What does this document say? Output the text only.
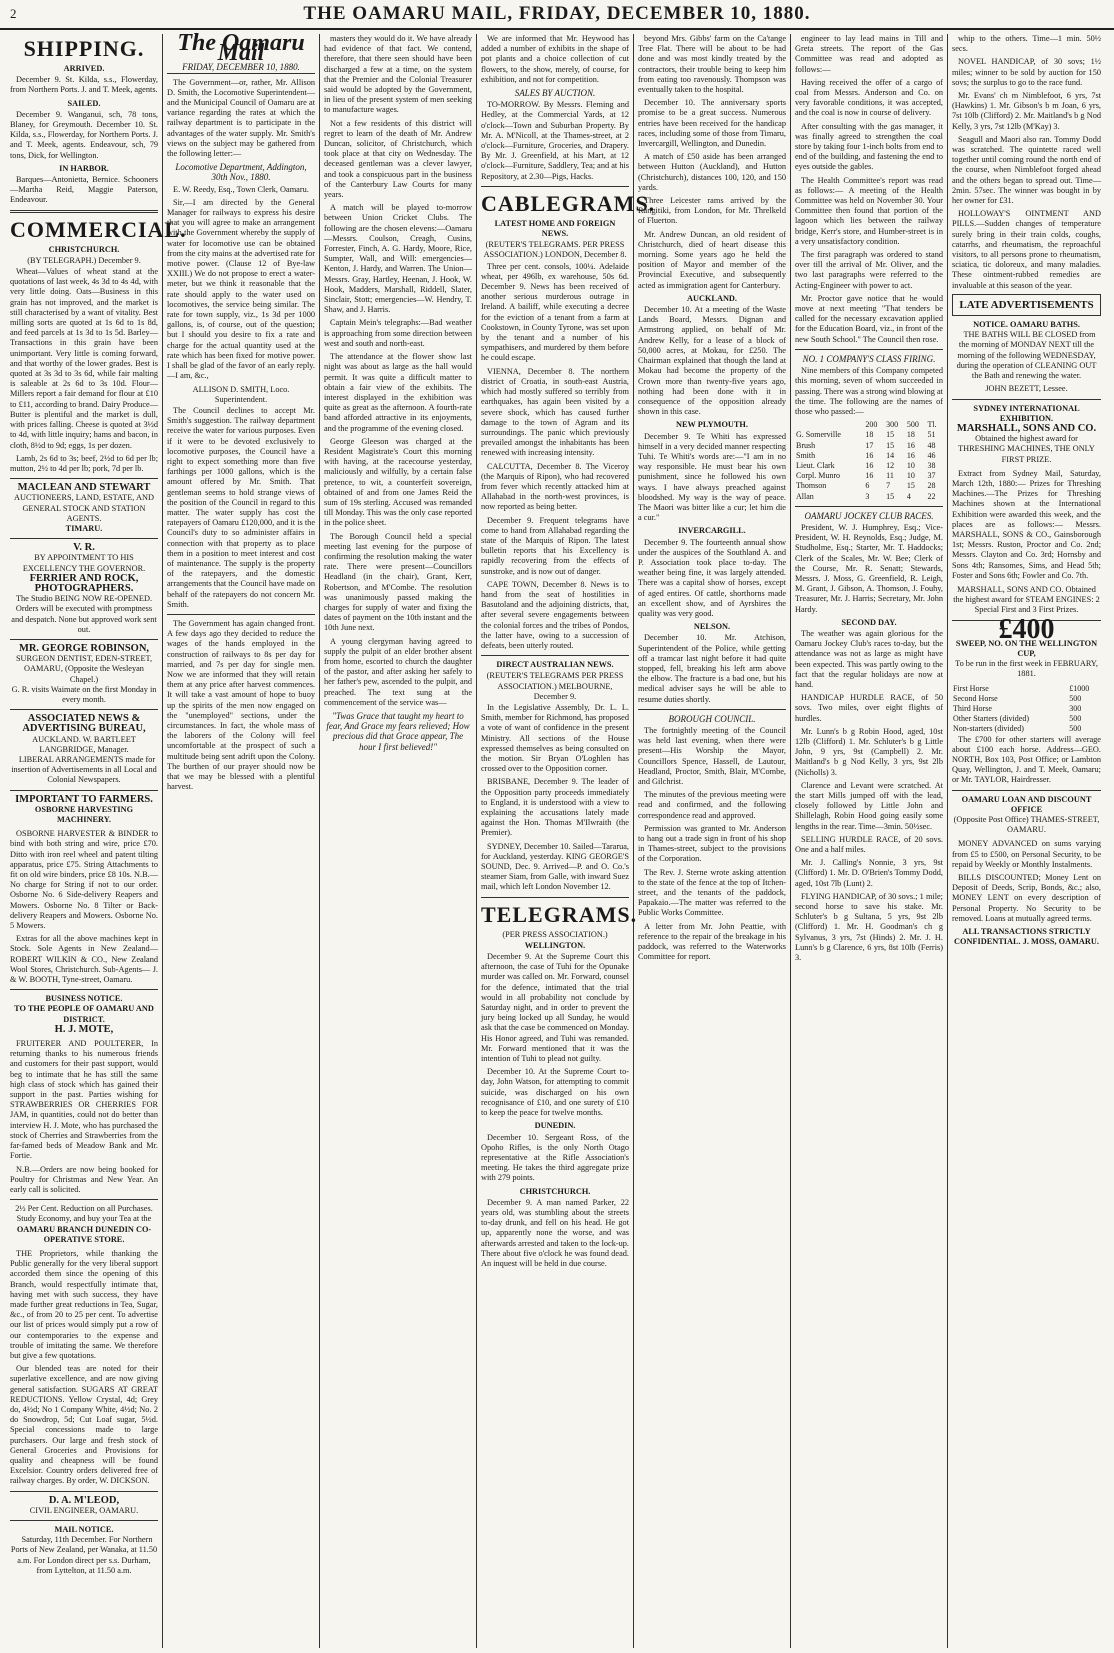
2	THE OAMARU MAIL, FRIDAY, DECEMBER 10, 1880.
SHIPPING.
ARRIVED.

December 9. St. Kilda, s.s., Flowerday, from Northern Ports. J. and T. Meek, agents.

SAILED.

December 9. Wanganui, sch, 78 tons, Blaney, for Greymouth. December 10. St. Kilda, s.s., Flowerday, for Northern Ports. J. and T. Meek, agents. Endeavour, sch, 79 tons, Dick, for Wellington.

IN HARBOR.

Barques—Antonietta, Bernice. Schooners—Martha Reid, Maggie Paterson, Endeavour.

COMMERCIAL.
CHRISTCHURCH.
(BY TELEGRAPH.) December 9.

Wheat—Values of wheat stand at the quotations of last week, 4s 3d to 4s 4d, with very little doing. Oats—Business in this grain has not improved, and the market is still characterised by a want of vitality. Best milling sorts are quoted at 1s 6d to 1s 8d, and feed parcels at 1s 3d to 1s 5d. Barley—Transactions in this grain have been unimportant. Very little is coming forward, and that worthy of the lower grades. Best is quoted at 3s 3d to 3s 6d, while fair malting is saleable at 2s 6d to 3s 10d. Flour—Millers report a fair demand for flour at £10 to £11, according to brand. Dairy Produce—Butter is plentiful and the market is dull, with prices falling. Cheese is quoted at 3½d to 4d, with little inquiry; hams and bacon, in cloth, 8½d to 9d; eggs, 1s per dozen.

Lamb, 2s 6d to 3s; beef, 2½d to 6d per lb; mutton, 2½ to 4d per lb; pork, 7d per lb.

MACLEAN AND STEWART
AUCTIONEERS, LAND, ESTATE, AND GENERAL STOCK AND STATION AGENTS.
TIMARU.
V. R.
BY APPOINTMENT TO HIS EXCELLENCY THE GOVERNOR.
FERRIER AND ROCK, PHOTOGRAPHERS.
The Studio BEING NOW RE-OPENED. Orders will be executed with promptness and despatch. None but approved work sent out.
MR. GEORGE ROBINSON,
SURGEON DENTIST, EDEN-STREET, OAMARU, (Opposite the Wesleyan Chapel.)
G. R. visits Waimate on the first Monday in every month.
ASSOCIATED NEWS & ADVERTISING BUREAU,
AUCKLAND. W. BARTLEET LANGBRIDGE, Manager.

LIBERAL ARRANGEMENTS made for insertion of Advertisements in all Local and Colonial Newspapers.

IMPORTANT TO FARMERS.
OSBORNE HARVESTING MACHINERY.

OSBORNE HARVESTER & BINDER to bind with both string and wire, price £70. Ditto with iron reel wheel and patent tilting apparatus, price £75. String Attachments to fit on old wire binders, price £8 10s. N.B.—No charge for String if not to our order. Osborne No. 6 Side-delivery Reapers and Mowers. Osborne No. 8 Tilter or Back-delivery Reapers and Mowers. Osborne No. 5 Mowers.

Extras for all the above machines kept in Stock. Sole Agents in New Zealand— ROBERT WILKIN & CO., New Zealand Wool Stores, Christchurch. Sub-Agents— J. & W. BOOTH, Tyne-street, Oamaru.

BUSINESS NOTICE.
TO THE PEOPLE OF OAMARU AND DISTRICT.
H. J. MOTE,

FRUITERER AND POULTERER, In returning thanks to his numerous friends and customers for their past support, would beg to intimate that he has still the same high class of stock which has gained their support in the past. Parties wishing for STRAWBERRIES OR CHERRIES FOR JAM, in quantities, could not do better than interview H. J. Mote, who has purchased the stock of Cherries and Strawberries from the far-famed beds of Meadow Bank and Mr. Fortie.

N.B.—Orders are now being booked for Poultry for Christmas and New Year. An early call is solicited.

2½ Per Cent. Reduction on all Purchases. Study Economy, and buy your Tea at the
OAMARU BRANCH DUNEDIN CO-OPERATIVE STORE.

THE Proprietors, while thanking the Public generally for the very liberal support accorded them since the opening of this Branch, would respectfully intimate that, having met with such success, they have made further great reductions in Tea, Sugar, &c., of from 20 to 25 per cent. To advertise our list of prices would simply put a row of our contemporaries to the expense and trouble of imitating the same. We therefore but give a few quotations.

Our blended teas are noted for their superlative excellence, and are now giving general satisfaction. SUGARS AT GREAT REDUCTIONS. Yellow Crystal, 4d; Grey do, 4½d; No 1 Company White, 4½d; No. 2 do Snowdrop, 5d; Cut Loaf sugar, 5½d. Special concessions made to large purchasers. Our large and fresh stock of General Groceries and Provisions for quality and cheapness will be found Excelsior. Country orders delivered free of railway charges. By order, W. DICKSON.

D. A. M'LEOD,
CIVIL ENGINEER, OAMARU.
MAIL NOTICE.

Saturday, 11th December. For Northern Ports of New Zealand, per Wanaka, at 11.50 a.m. For London direct per s.s. Durham, from Lyttelton, at 11.50 a.m.

The Oamaru Mail
FRIDAY, DECEMBER 10, 1880.

The Government—or, rather, Mr. Allison D. Smith, the Locomotive Superintendent—and the Municipal Council of Oamaru are at variance regarding the rates at which the railway department is to participate in the advantages of the water supply. Mr. Smith's views on the subject may be gathered from the following letter:—

Locomotive Department, Addington, 30th Nov., 1880.

E. W. Reedy, Esq., Town Clerk, Oamaru.

Sir,—I am directed by the General Manager for railways to express his desire that you will agree to make an arrangement with the Government whereby the supply of water for locomotive use can be obtained from the city mains at the advertised rate for motive power. (Clause 12 of Bye-law XXIII.) We do not propose to erect a water-meter, but we think it reasonable that the rate should apply to the water used on locomotives, the service being similar. The rate for town supply, viz., 1s 3d per 1000 gallons, is, of course, out of the question; but I should you desire to fix a rate and charge for the actual quantity used at the rate which has been fixed for motive power. I shall be glad of the favor of an early reply.—I am, &c.,

ALLISON D. SMITH, Loco. Superintendent.

The Council declines to accept Mr. Smith's suggestion. The railway department receive the water for various purposes. Even if it were to be devoted exclusively to locomotive purposes, the Council have a right to expect something more than five farthings per 1000 gallons, which is the amount offered by Mr. Smith. That gentleman seems to hold strange views of the position of the Council in regard to this matter. The water supply has cost the ratepayers of Oamaru £120,000, and it is the Council's duty to so administer affairs in connection with that property as to place them in a position to meet interest and cost of maintenance. The supply is the property of the ratepayers, and the domestic arrangements that the Council have made on behalf of the ratepayers do not concern Mr. Smith.

The Government has again changed front. A few days ago they decided to reduce the wages of the hands employed in the construction of railways to 8s per day for married, and 7s per day for single men. Now we are informed that they will retain them at any price after harvest commences. It will take a vast amount of hope to buoy up the spirits of the men now engaged on the "unemployed" sections, under the circumstances. In fact, the whole mass of the laborers of the Colony will feel uncomfortable at the prospect of such a multitude being sent adrift upon the Colony. The burthen of our prayer should now be that we may be blessed with a plentiful harvest.

masters they would do it. We have already had evidence of that fact. We contend, therefore, that there seen should have been discharged a few at a time, on the system that the Premier and the Colonial Treasurer said would be adopted by the Government, in lieu of the present system of men seeking to manufacture wages.

Not a few residents of this district will regret to learn of the death of Mr. Andrew Duncan, solicitor, of Christchurch, which took place at that city on Wednesday. The deceased gentleman was a clever lawyer, and took a conspicuous part in the business of the Canterbury Law Courts for many years.

A match will be played to-morrow between Union Cricket Clubs. The following are the chosen elevens:—Oamaru—Messrs. Coulson, Creagh, Cusins, Forrester, Finch, A. G. Hardy, Moore, Rice, Sumpter, Wall, and Will: emergencies—Kenton, J. Hardy, and Warren. The Union—Messrs. Gray, Hartley, Heenan, J. Hook, W. Hook, Madders, Marshall, Riddell, Slater, Sinclair, Stott; emergencies—W. Hendry, T. Shaw, and J. Harris.

Captain Mein's telegraphs:—Bad weather is approaching from some direction between west and south and north-east.

The attendance at the flower show last night was about as large as the hall would permit. It was quite a difficult matter to obtain a fair view of the exhibits. The interest displayed in the exhibition was quite as great as the afternoon. A fourth-rate band afforded attractive in its enjoyments, and the programme of the evening closed.

George Gleeson was charged at the Resident Magistrate's Court this morning with having, at the racecourse yesterday, maliciously and wilfully, by a certain false pretence, to wit, a counterfeit sovereign, obtained of and from one James Reid the sum of 19s sterling. Accused was remanded till Monday. This was the only case reported in the police sheet.

The Borough Council held a special meeting last evening for the purpose of confirming the resolution making the water rate. There were present—Councillors Headland (in the chair), Grant, Kerr, Robertson, and M'Combe. The resolution was unanimously passed making the charges for supply of water and fixing the dates of payment on the 10th instant and the 10th June next.

A young clergyman having agreed to supply the pulpit of an elder brother absent from home, escorted to church the daughter of the pastor, and after asking her safely to her father's pew, ascended to the pulpit, and preached. The text sung at the commencement of the service was—

"Twas Grace that taught my heart to fear, And Grace my fears relieved; How precious did that Grace appear, The hour I first believed!"

We are informed that Mr. Heywood has added a number of exhibits in the shape of pot plants and a choice collection of cut flowers, to the show, merely, of course, for exhibition, and not for competition.

SALES BY AUCTION.

TO-MORROW. By Messrs. Fleming and Hedley, at the Commercial Yards, at 12 o'clock—Town and Suburban Property. By Mr. A. M'Nicoll, at the Thames-street, at 2 o'clock—Furniture, Groceries, and Drapery. By Mr. J. Greenfield, at his Mart, at 12 o'clock—Furniture, Saddlery, Tea; and at his Repository, at 2.30—Pigs, Hacks.

CABLEGRAMS.
LATEST HOME AND FOREIGN NEWS.
(REUTER'S TELEGRAMS. PER PRESS ASSOCIATION.) LONDON, December 8.

Three per cent. consols, 100¼. Adelaide wheat, per 496lb, ex warehouse, 50s 6d. December 9. News has been received of another serious murderous outrage in Ireland. A bailiff, while executing a decree for the eviction of a tenant from a farm at Cookstown, in County Tyrone, was set upon by the tenant and a number of his sympathisers, and murdered by them before he could escape.

VIENNA, December 8. The northern district of Croatia, in south-east Austria, which had mostly suffered so terribly from earthquakes, has again been visited by a severe shock, which has caused further damage to the town of Agram and its surroundings. The panic which previously prevailed amongst the inhabitants has been renewed with increasing intensity.

CALCUTTA, December 8. The Viceroy (the Marquis of Ripon), who had recovered from fever which recently attacked him at Allahabad in the north-west provinces, is now reported as being better.

December 9. Frequent telegrams have come to hand from Allahabad regarding the state of the Marquis of Ripon. The latest bulletin reports that his Excellency is rapidly recovering from the effects of sunstroke, and is now out of danger.

CAPE TOWN, December 8. News is to hand from the seat of hostilities in Basutoland and the adjoining districts, that, after several severe engagements between the colonial forces and the tribes of Pondos, the latter have, owing to a succession of defeats, been utterly routed.

DIRECT AUSTRALIAN NEWS.
(REUTER'S TELEGRAMS PER PRESS ASSOCIATION.) MELBOURNE, December 9.

In the Legislative Assembly, Dr. L. L. Smith, member for Richmond, has proposed a vote of want of confidence in the present Ministry. All sections of the House expressed themselves as being consulted on the motion. Sir Bryan O'Loghlen has crossed over to the Opposition corner.

BRISBANE, December 9. The leader of the Opposition party proceeds immediately to England, it is understood with a view to explaining the accusations lately made against the Hon. Thomas M'Ilwraith (the Premier).

SYDNEY, December 10. Sailed—Tararua, for Auckland, yesterday. KING GEORGE'S SOUND, Dec. 9. Arrived—P. and O. Co.'s steamer Siam, from Galle, with inward Suez mail, which left London November 12.

TELEGRAMS.
(PER PRESS ASSOCIATION.)
WELLINGTON.

December 9. At the Supreme Court this afternoon, the case of Tuhi for the Opunake murder was called on. Mr. Forward, counsel for the defence, intimated that the trial would in all probability not conclude by Saturday night, and in order to prevent the jury being locked up all Sunday, he would ask that the case be commenced on Monday. His Honor agreed, and Tuhi was remanded. Mr. Forward mentioned that it was the intention of Tuhi to plead not guilty.

December 10. At the Supreme Court to-day, John Watson, for attempting to commit suicide, was discharged on his own recognisance of £10, and one surety of £10 to keep the peace for twelve months.

DUNEDIN.

December 10. Sergeant Ross, of the Opoho Rifles, is the only North Otago representative at the Rifle Association's meeting. He takes the third aggregate prize with 279 points.

CHRISTCHURCH.

December 9. A man named Parker, 22 years old, was stumbling about the streets to-day drunk, and fell on his head. He got up, apparently none the worse, and was afterwards arrested and taken to the lock-up. There about five o'clock he was found dead. An inquest will be held in due course.

beyond Mrs. Gibbs' farm on the Ca'tange Tree Flat. There will be about to be had done and was most kindly treated by the contractors, their trouble being to keep him from eating too ravenously. Thompson was eventually taken to the hospital.

December 10. The anniversary sports promise to be a great success. Numerous entries have been received for the handicap races, including some of those from Timaru, Invercargill, Wellington, and Dunedin.

A match of £50 aside has been arranged between Hutton (Auckland), and Hutton (Christchurch), distances 100, 120, and 150 yards.

Three Leicester rams arrived by the Rangitiki, from London, for Mr. Threlkeld of Fluerton.

Mr. Andrew Duncan, an old resident of Christchurch, died of heart disease this morning. Some years ago he held the position of Mayor and member of the Provincial Executive, and subsequently acted as immigration agent for Canterbury.

AUCKLAND.

December 10. At a meeting of the Waste Lands Board, Messrs. Dignan and Armstrong applied, on behalf of Mr. Andrew Kelly, for a lease of a block of 50,000 acres, at Mokau, for £250. The Chairman explained that though the land at Mokau had become the property of the Crown more than twenty-five years ago, nothing had been done with it in consequence of the opposition already shown in this case.

NEW PLYMOUTH.

December 9. Te Whiti has expressed himself in a very decided manner respecting Tuhi. Te Whiti's words are:—"I am in no way responsible. He must bear his own punishment, since he followed his own ways. I have always preached against bloodshed. My way is the way of peace. The Maori was bitter like a cur; let him die a cur."

INVERCARGILL.

December 9. The fourteenth annual show under the auspices of the Southland A. and P. Association took place to-day. The weather being fine, it was largely attended. There was a capital show of horses, except of aged entires. Of cattle, shorthorns made an excellent show, and of Ayrshires the quality was very good.

NELSON.

December 10. Mr. Atchison, Superintendent of the Police, while getting off a tramcar last night before it had quite stopped, fell, breaking his left arm above the elbow. The fracture is a bad one, but his medical adviser says he will be able to resume duties shortly.

BOROUGH COUNCIL.

The fortnightly meeting of the Council was held last evening, when there were present—His Worship the Mayor, Councillors Spence, Hassell, de Lautour, Headland, Proctor, Smith, Blair, M'Combe, and Gilchrist.

The minutes of the previous meeting were read and confirmed, and the following correspondence read and approved.

Permission was granted to Mr. Anderson to hang out a trade sign in front of his shop in Thames-street, subject to the provisions of the Corporation.

The Rev. J. Sterne wrote asking attention to the state of the fence at the top of Itchen-street, and the tenants of the paddock, Papakaio.—The matter was referred to the Public Works Committee.

A letter from Mr. John Peattie, with reference to the repair of the breakage in his paddock, was referred to the Waterworks Committee for report.

engineer to lay lead mains in Till and Greta streets. The report of the Gas Committee was read and adopted as follows:—

Having received the offer of a cargo of coal from Messrs. Anderson and Co. on very favorable conditions, it was accepted, and the coal is now in course of delivery.

After consulting with the gas manager, it was finally agreed to strengthen the coal store by taking four 1-inch bolts from end to end of the building, and fastening the end to eyes outside the gables.

The Health Committee's report was read as follows:— A meeting of the Health Committee was held on November 30. Your Committee then found that portion of the lagoon which lies between the railway bridge, Kerr's store, and Humber-street is in a very unsatisfactory condition.

The first paragraph was ordered to stand over till the arrival of Mr. Oliver, and the two last paragraphs were referred to the Acting-Engineer with power to act.

Mr. Proctor gave notice that he would move at next meeting "That tenders be called for the necessary excavation applied for the Education Board, viz., in front of the new South School." The Council then rose.

NO. 1 COMPANY'S CLASS FIRING.

Nine members of this Company competed this morning, seven of whom succeeded in passing. There was a strong wind blowing at the time. The following are the names of those who passed:—

	200	300	500	Tl.
G. Somerville	18	15	18	51
Brush	17	15	16	48
Smith	16	14	16	46
Lieut. Clark	16	12	10	38
Corpl. Munro	16	11	10	37
Thomson	6	7	15	28
Allan	3	15	4	22
OAMARU JOCKEY CLUB RACES.

President, W. J. Humphrey, Esq.; Vice-President, W. H. Reynolds, Esq.; Judge, M. Studholme, Esq.; Starter, Mr. T. Haddocks; Clerk of the Scales, Mr. W. Bee; Clerk of the Course, Mr. R. Senatt; Stewards, Messrs. J. Moss, G. Greenfield, R. Leigh, M. Grant, J. Gibson, A. Thomson, J. Fouhy, Treasurer, Mr. J. Harris; Secretary, Mr. John Hardy.

SECOND DAY.

The weather was again glorious for the Oamaru Jockey Club's races to-day, but the attendance was not as large as might have been expected. This was partly owing to the fact that the regular holidays are now at hand.

HANDICAP HURDLE RACE, of 50 sovs. Two miles, over eight flights of hurdles.

Mr. Lunn's b g Robin Hood, aged, 10st 12lb (Clifford) 1. Mr. Schluter's b g Little John, 9 yrs, 9st (Campbell) 2. Mr. Maitland's b g Nod Kelly, 3 yrs, 9st 2lb (Nicholls) 3.

Clarence and Levant were scratched. At the start Mills jumped off with the lead, closely followed by Little John and Shillelagh, Robin Hood going easily some lengths in the rear. Time—3min. 50½sec.

SELLING HURDLE RACE, of 20 sovs. One and a half miles.

Mr. J. Calling's Nonnie, 3 yrs, 9st (Clifford) 1. Mr. D. O'Brien's Tommy Dodd, aged, 10st 7lb (Lunt) 2.

FLYING HANDICAP, of 30 sovs.; 1 mile; second horse to save his stake. Mr. Schluter's b g Sultana, 5 yrs, 9st 2lb (Clifford) 1. Mr. H. Goodman's ch g Sylvanus, 3 yrs, 7st (Hinds) 2. Mr. J. H. Lunn's b g Clarence, 6 yrs, 8st 10lb (Ferris) 3.

whip to the others. Time—1 min. 50½ secs.

NOVEL HANDICAP, of 30 sovs; 1½ miles; winner to be sold by auction for 150 sovs; the surplus to go to the race fund.

Mr. Evans' ch m Nimblefoot, 6 yrs, 7st (Hawkins) 1. Mr. Gibson's b m Joan, 6 yrs, 7st 10lb (Clifford) 2. Mr. Maitland's b g Nod Kelly, 3 yrs, 7st 12lb (M'Kay) 3.

Seagull and Maori also ran. Tommy Dodd was scratched. The quintette raced well together until coming round the north end of the course, when Nimblefoot forged ahead and the others began to spread out. Time—2min. 57sec. The winner was bought in by her owner for £31.

HOLLOWAY'S OINTMENT AND PILLS.—Sudden changes of temperature surely bring in their train colds, coughs, catarrhs, and rheumatism, the reproachful visitors, to all persons prone to rheumatism, sciatica, tic doloreux, and many maladies. These ointment-rubbed remedies are invaluable at this season of the year.

LATE ADVERTISEMENTS
NOTICE. OAMARU BATHS.

THE BATHS WILL BE CLOSED from the morning of MONDAY NEXT till the morning of the following WEDNESDAY, during the operation of CLEANING OUT the Bath and renewing the water.

JOHN BEZETT, Lessee.
SYDNEY INTERNATIONAL EXHIBITION.
MARSHALL, SONS AND CO.
Obtained the highest award for THRESHING MACHINES, THE ONLY FIRST PRIZE.

Extract from Sydney Mail, Saturday, March 12th, 1880:— Prizes for Threshing Machines.—The Prizes for Threshing Machines shown at the International Exhibition were awarded this week, and the places are as follows:— Messrs. MARSHALL, SONS & CO., Gainsborough 1st; Messrs. Ruston, Proctor and Co. 2nd; Messrs. Clayton and Co. 3rd; Hornsby and Sons 4th; Ransomes, Sims, and Head 5th; Foster and Sons 6th; Fowler and Co. 7th.

MARSHALL, SONS AND CO. Obtained the highest award for STEAM ENGINES: 2 Special First and 3 First Prizes.
£400
SWEEP, NO. ON THE WELLINGTON CUP,
To be run in the first week in FEBRUARY, 1881.
First Horse	£1000
Second Horse	500
Third Horse	300
Other Starters (divided)	500
Non-starters (divided)	500

The £700 for other starters will average about £100 each horse. Address—GEO. NORTH, Box 103, Post Office; or Lambton Quay, Wellington, J. and T. Meek, Oamaru; or Mr. TAYLOR, Hairdresser.

OAMARU LOAN AND DISCOUNT OFFICE
(Opposite Post Office) THAMES-STREET, OAMARU.

MONEY ADVANCED on sums varying from £5 to £500, on Personal Security, to be repaid by Weekly or Monthly Instalments.

BILLS DISCOUNTED; Money Lent on Deposit of Deeds, Scrip, Bonds, &c.; also, MONEY LENT on every description of Personal Property. No Security to be removed. Loans at mutually agreed terms.

ALL TRANSACTIONS STRICTLY CONFIDENTIAL. J. MOSS, OAMARU.
